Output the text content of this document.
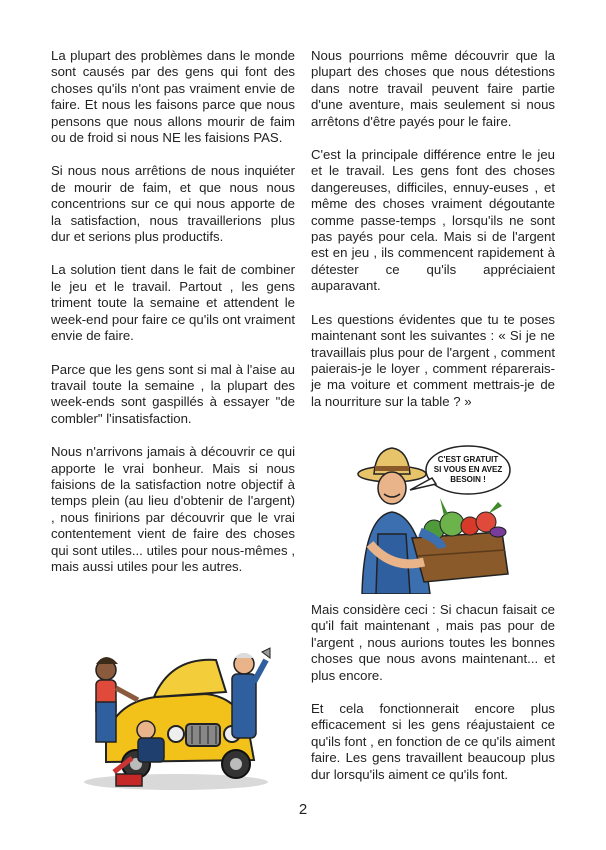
La plupart des problèmes dans le monde sont causés par des gens qui font des choses qu'ils n'ont pas vraiment envie de faire. Et nous les faisons parce que nous pensons que nous allons mourir de faim ou de froid si nous NE les faisions PAS.

Si nous nous arrêtions de nous inquiéter de mourir de faim, et que nous nous concentrions sur ce qui nous apporte de la satisfaction, nous travaillerions plus dur et serions plus productifs.

La solution tient dans le fait de combiner le jeu et le travail. Partout , les gens triment toute la semaine et attendent le week-end pour faire ce qu'ils ont vraiment envie de faire.

Parce que les gens sont si mal à l'aise au travail toute la semaine , la plupart des week-ends sont gaspillés à essayer "de combler" l'insatisfaction.

Nous n'arrivons jamais à découvrir ce qui apporte le vrai bonheur. Mais si nous faisions de la satisfaction notre objectif à temps plein (au lieu d'obtenir de l'argent) , nous finirions par découvrir que le vrai contentement vient de faire des choses qui sont utiles... utiles pour nous-mêmes , mais aussi utiles pour les autres.

Nous pourrions même découvrir que la plupart des choses que nous détestions dans notre travail peuvent faire partie d'une aventure, mais seulement si nous arrêtons d'être payés pour le faire.

C'est la principale différence entre le jeu et le travail. Les gens font des choses dangereuses, difficiles, ennuy-euses , et même des choses vraiment dégoutante comme passe-temps , lorsqu'ils ne sont pas payés pour cela. Mais si de l'argent est en jeu , ils commencent rapidement à détester ce qu'ils appréciaient auparavant.

Les questions évidentes que tu te poses maintenant sont les suivantes : « Si je ne travaillais plus pour de l'argent , comment paierais-je le loyer , comment réparerais-je ma voiture et comment mettrais-je de la nourriture sur la table ? »

C'EST GRATUIT
SI VOUS EN AVEZ
BESOIN !

Mais considère ceci : Si chacun faisait ce qu'il fait maintenant , mais pas pour de l'argent , nous aurions toutes les bonnes choses que nous avons maintenant... et plus encore.

Et cela fonctionnerait encore plus efficacement si les gens réajustaient ce qu'ils font , en fonction de ce qu'ils aiment faire. Les gens travaillent beaucoup plus dur lorsqu'ils aiment ce qu'ils font.

2
